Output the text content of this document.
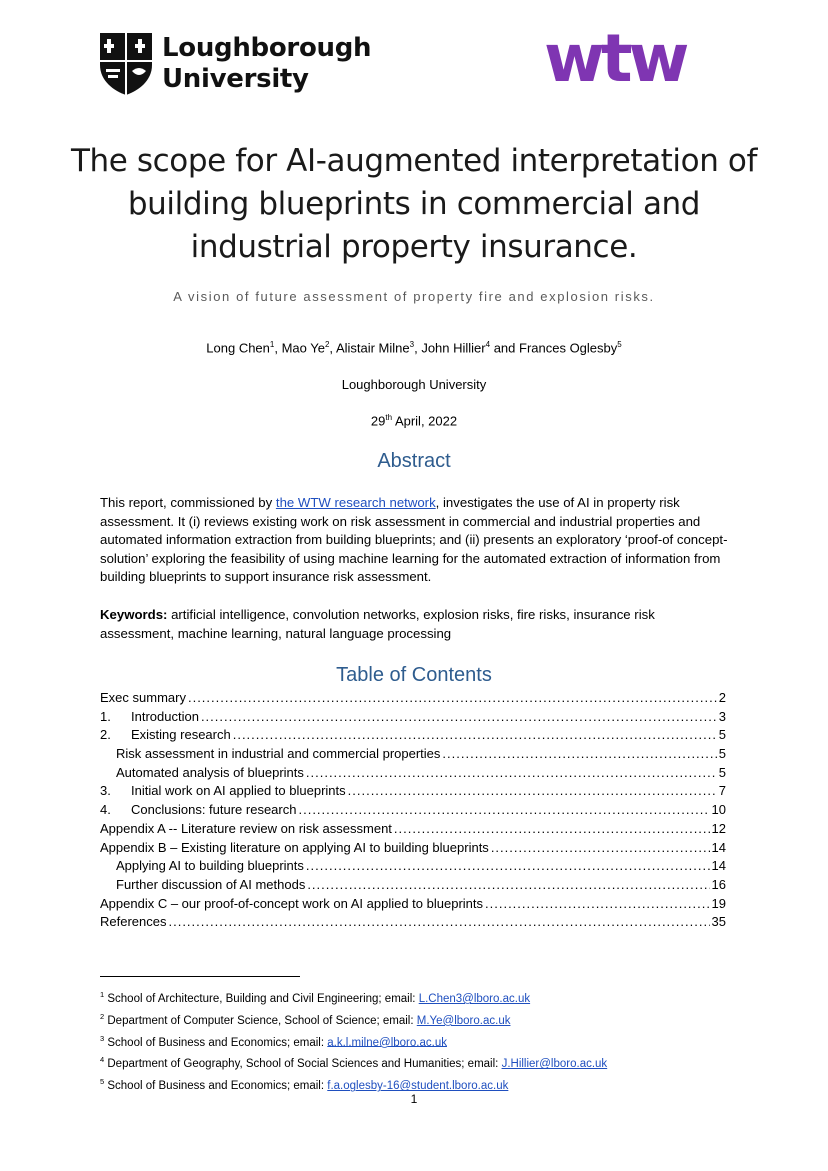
Loughborough
University	wtw
The scope for AI-augmented interpretation of building blueprints in commercial and industrial property insurance.
A vision of future assessment of property fire and explosion risks.
Long Chen$^1$, Mao Ye$^2$, Alistair Milne$^3$, John Hillier$^4$ and Frances Oglesby$^5$
Loughborough University
29th April, 2022
Abstract

This report, commissioned by the WTW research network, investigates the use of AI in property risk assessment. It (i) reviews existing work on risk assessment in commercial and industrial properties and automated information extraction from building blueprints; and (ii) presents an exploratory ‘proof-of concept-solution’ exploring the feasibility of using machine learning for the automated extraction of information from building blueprints to support insurance risk assessment.

Keywords: artificial intelligence, convolution networks, explosion risks, fire risks, insurance risk assessment, machine learning, natural language processing

Table of Contents
Exec summary .....	2
1.	Introduction .....	3
2.	Existing research .....	5
Risk assessment in industrial and commercial properties .....	5
Automated analysis of blueprints .....	5
3.	Initial work on AI applied to blueprints .....	7
4.	Conclusions: future research .....	10
Appendix A -- Literature review on risk assessment .....	12
Appendix B – Existing literature on applying AI to building blueprints .....	14
Applying AI to building blueprints .....	14
Further discussion of AI methods .....	16
Appendix C – our proof-of-concept work on AI applied to blueprints .....	19
References .....	35
$^1$ School of Architecture, Building and Civil Engineering; email: L.Chen3@lboro.ac.uk
$^2$ Department of Computer Science, School of Science; email: M.Ye@lboro.ac.uk
$^3$ School of Business and Economics; email: a.k.l.milne@lboro.ac.uk
$^4$ Department of Geography, School of Social Sciences and Humanities; email: J.Hillier@lboro.ac.uk
$^5$ School of Business and Economics; email: f.a.oglesby-16@student.lboro.ac.uk
1
